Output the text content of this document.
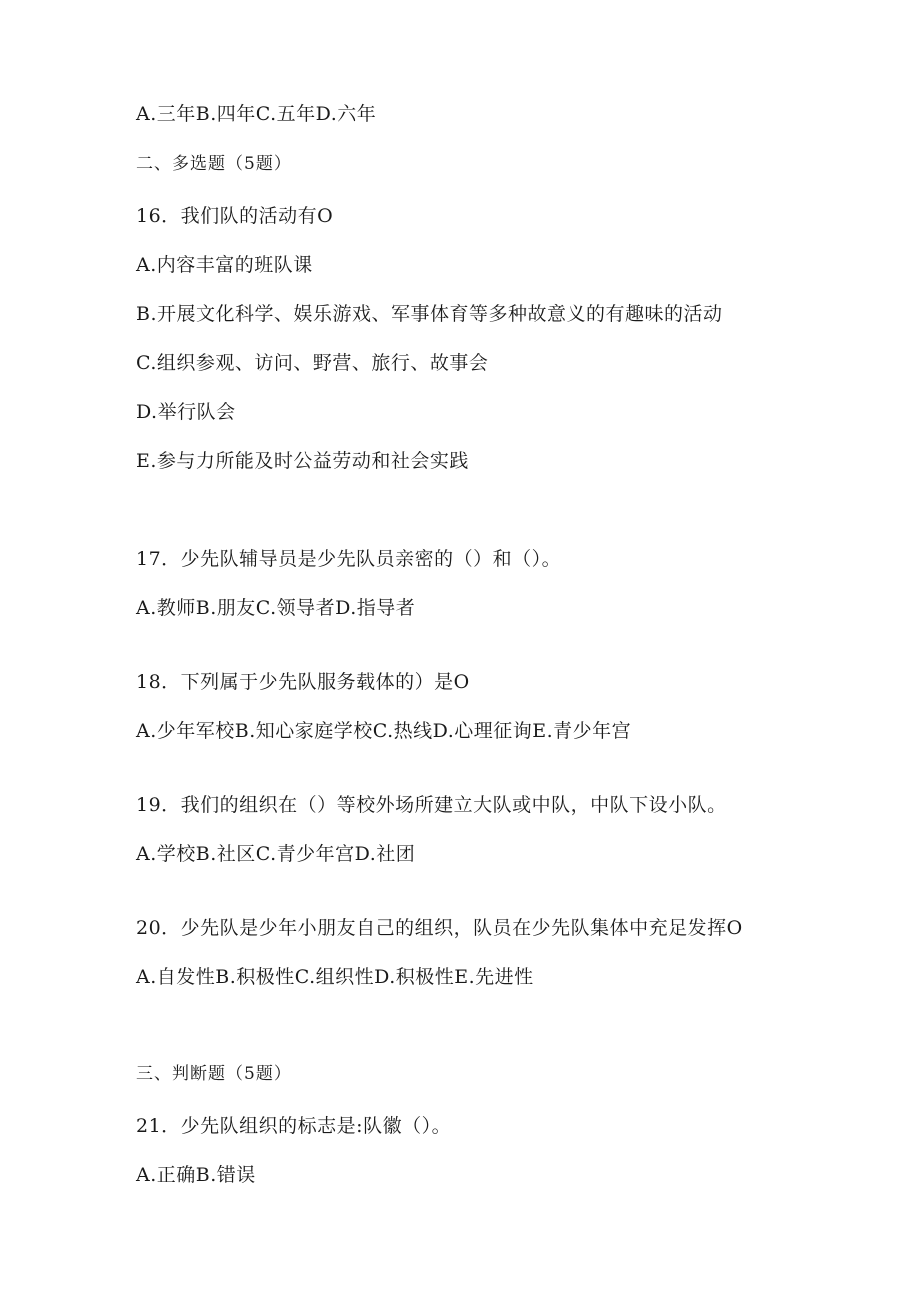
A.三年B.四年C.五年D.六年
二、多选题（5题）
16．我们队的活动有O
A.内容丰富的班队课
B.开展文化科学、娱乐游戏、军事体育等多种故意义的有趣味的活动
C.组织参观、访问、野营、旅行、故事会
D.举行队会
E.参与力所能及时公益劳动和社会实践
17．少先队辅导员是少先队员亲密的（）和（）。
A.教师B.朋友C.领导者D.指导者
18．下列属于少先队服务载体的）是O
A.少年军校B.知心家庭学校C.热线D.心理征询E.青少年宫
19．我们的组织在（）等校外场所建立大队或中队，中队下设小队。
A.学校B.社区C.青少年宫D.社团
20．少先队是少年小朋友自己的组织，队员在少先队集体中充足发挥O
A.自发性B.积极性C.组织性D.积极性E.先进性
三、判断题（5题）
21．少先队组织的标志是:队徽（）。
A.正确B.错误
